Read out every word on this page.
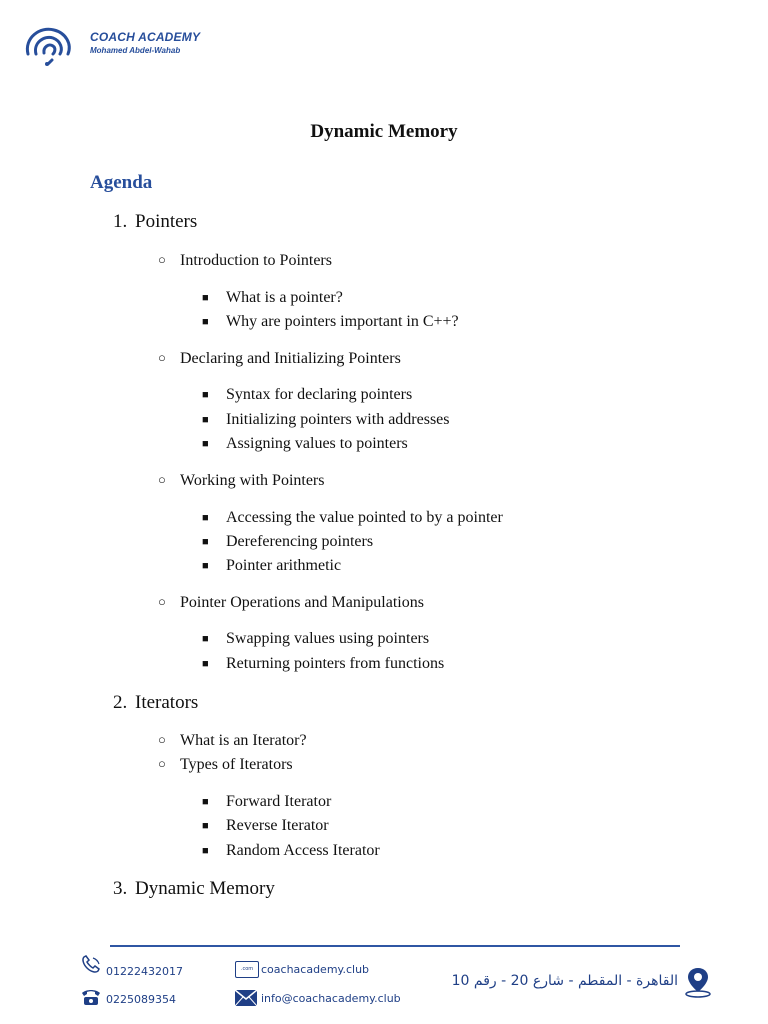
COACH ACADEMY
Mohamed Abdel-Wahab
Dynamic Memory
Agenda
1. Pointers
○ Introduction to Pointers
■ What is a pointer?
■ Why are pointers important in C++?
○ Declaring and Initializing Pointers
■ Syntax for declaring pointers
■ Initializing pointers with addresses
■ Assigning values to pointers
○ Working with Pointers
■ Accessing the value pointed to by a pointer
■ Dereferencing pointers
■ Pointer arithmetic
○ Pointer Operations and Manipulations
■ Swapping values using pointers
■ Returning pointers from functions
2. Iterators
○ What is an Iterator?
○ Types of Iterators
■ Forward Iterator
■ Reverse Iterator
■ Random Access Iterator
3. Dynamic Memory
01222432017
0225089354
.com coachacademy.club
info@coachacademy.club
القاهرة - المقطم - شارع 20 - رقم 10
